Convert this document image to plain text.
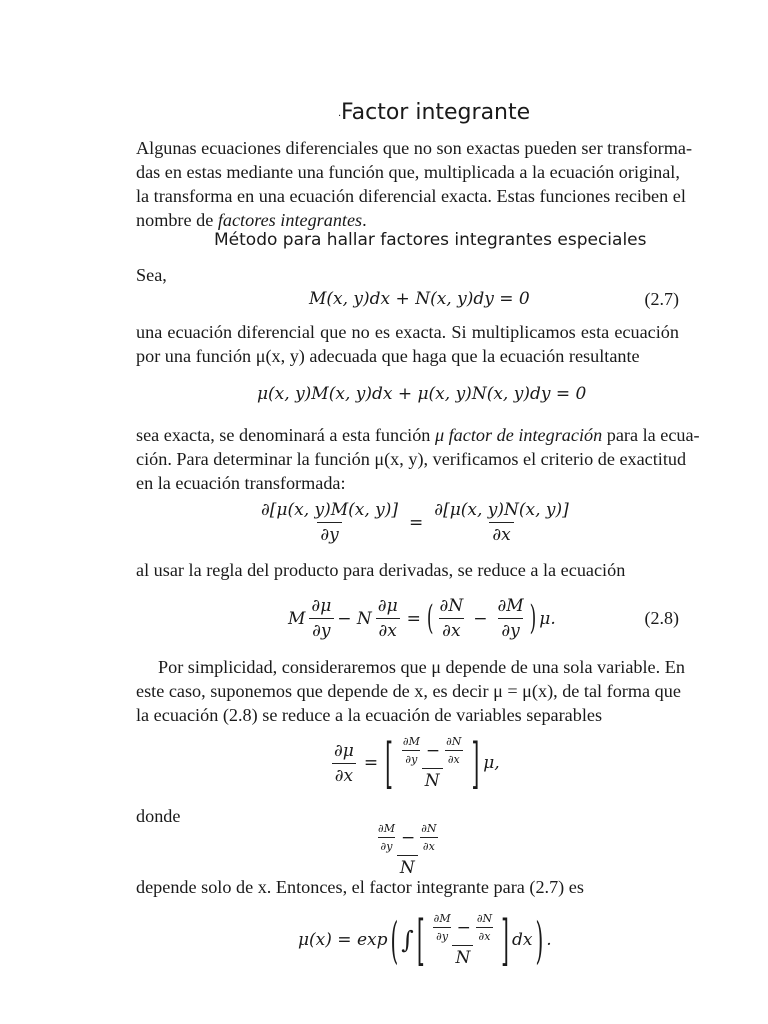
. Factor integrante
Algunas ecuaciones diferenciales que no son exactas pueden ser transforma-
das en estas mediante una función que, multiplicada a la ecuación original,
la transforma en una ecuación diferencial exacta. Estas funciones reciben el
nombre de factores integrantes.
Método para hallar factores integrantes especiales
Sea,
M(x, y)dx + N(x, y)dy = 0	(2.7)
una ecuación diferencial que no es exacta. Si multiplicamos esta ecuación
por una función μ(x, y) adecuada que haga que la ecuación resultante
μ(x, y)M(x, y)dx + μ(x, y)N(x, y)dy = 0
sea exacta, se denominará a esta función μ factor de integración para la ecua-
ción. Para determinar la función μ(x, y), verificamos el criterio de exactitud
en la ecuación transformada:
$\frac{\partial[\mu(x, y)M(x, y)]}{\partial y} = \frac{\partial[\mu(x, y)N(x, y)]}{\partial x}$
al usar la regla del producto para derivadas, se reduce a la ecuación
M $\frac{\partial\mu}{\partial y} - N \frac{\partial\mu}{\partial x}$ = ( $\frac{\partial N}{\partial x} - \frac{\partial M}{\partial y}$ ) μ.	(2.8)
Por simplicidad, consideraremos que μ depende de una sola variable. En
este caso, suponemos que depende de x, es decir μ = μ(x), de tal forma que
la ecuación (2.8) se reduce a la ecuación de variables separables
$\frac{\partial\mu}{\partial x}$ = [ $\frac{\frac{\partial M}{\partial y} - \frac{\partial N}{\partial x}}{N}$ ] μ,
donde
$\frac{\frac{\partial M}{\partial y} - \frac{\partial N}{\partial x}}{N}$
depende solo de x. Entonces, el factor integrante para (2.7) es
μ(x) = exp ( ∫ [ $\frac{\frac{\partial M}{\partial y} - \frac{\partial N}{\partial x}}{N}$ ] dx ) .
